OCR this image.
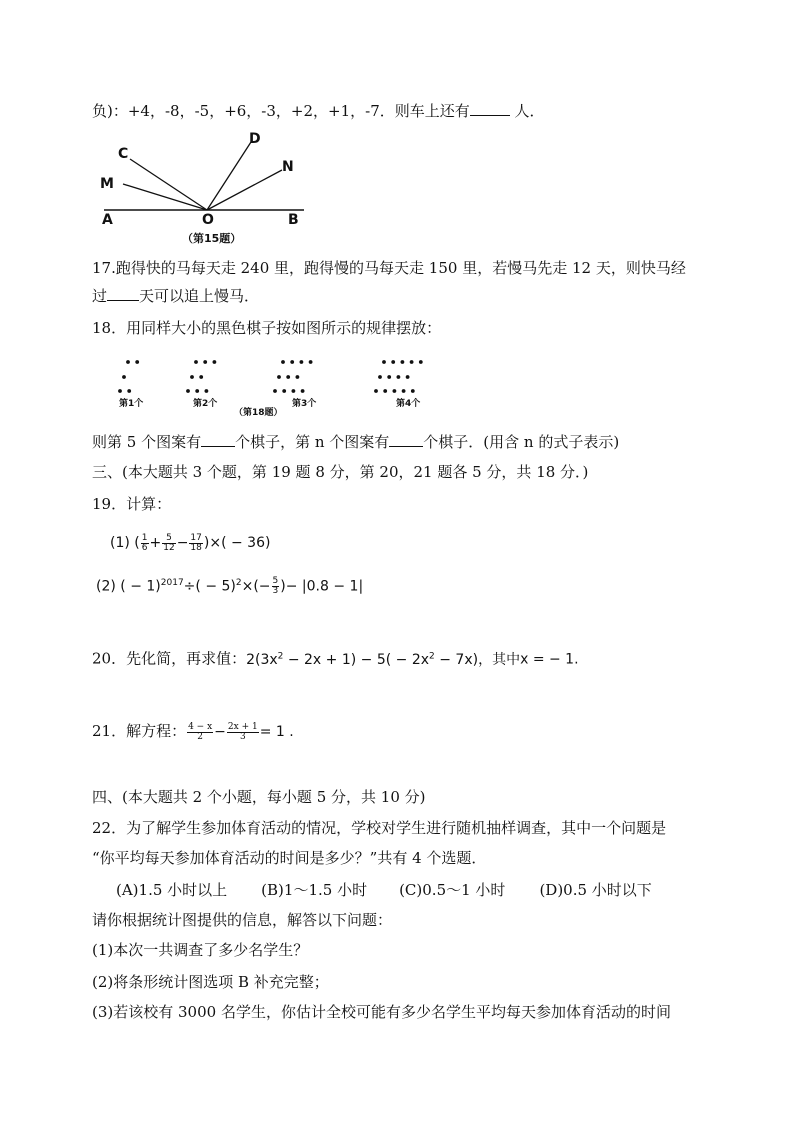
负)：+4，-8，-5，+6，-3，+2，+1，-7．则车上还有	人．
C
M
D
N
A	O	B
（第15题）
17.跑得快的马每天走 240 里，跑得慢的马每天走 150 里，若慢马先走 12 天，则快马经
过 天可以追上慢马．
18．用同样大小的黑色棋子按如图所示的规律摆放：
第1个	第2个	第3个	第4个
（第18题）
则第 5 个图案有 个棋子，第 n 个图案有 个棋子．(用含 n 的式子表示)
三、(本大题共 3 个题，第 19 题 8 分，第 20，21 题各 5 分，共 18 分．)
19．计算：
(1) ( $\frac{1}{6} + \frac{5}{12} - \frac{17}{18}$ )×( − 36)
(2) ( − $1)^{2017}\div( - 5)^2\times(- \frac{5}{3}$ )− |0.8 − 1|
20．先化简，再求值：$2(3x^2 - 2x + 1) - 5( - 2x^2 - 7x)$，其中x = − 1.
21．解方程： $\frac{4 - x}{2} - \frac{2x + 1}{3} = 1$ .
四、(本大题共 2 个小题，每小题 5 分，共 10 分)
22．为了解学生参加体育活动的情况，学校对学生进行随机抽样调查，其中一个问题是
“你平均每天参加体育活动的时间是多少？”共有 4 个选题．
(A)1.5 小时以上 (B)1～1.5 小时 (C)0.5～1 小时 (D)0.5 小时以下
请你根据统计图提供的信息，解答以下问题：
(1)本次一共调查了多少名学生？
(2)将条形统计图选项 B 补充完整；
(3)若该校有 3000 名学生，你估计全校可能有多少名学生平均每天参加体育活动的时间
